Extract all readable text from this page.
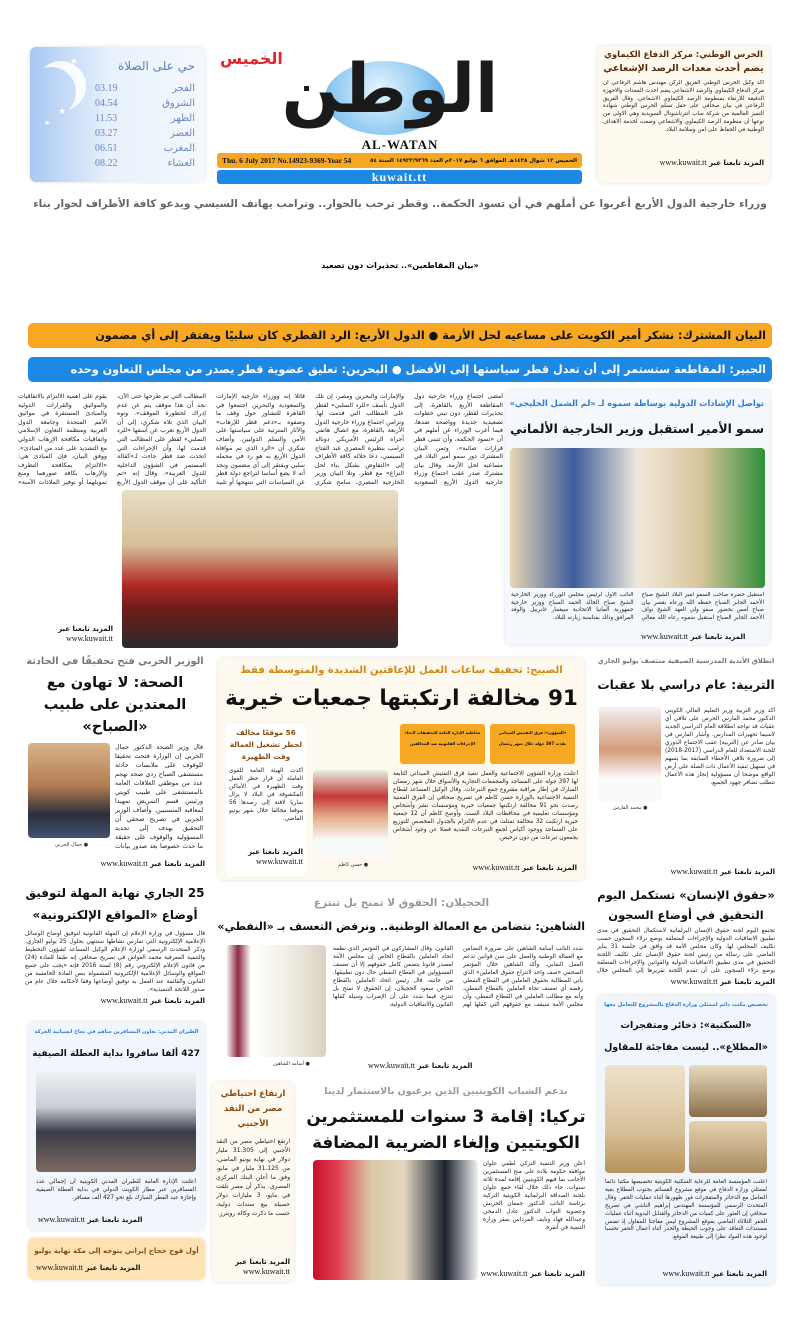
★
★
★
حي على الصلاة
03.19	الفجر
04.54	الشروق
11.53	الظهر
03.27	العصر
06.51	المغرب
08.22	العشاء
الوطن
الخميس
AL-WATAN
Thu. 6 July 2017 No.14923-9369-Year 54	الخميس ١٢ شوال ١٤٣٨هـ الموافق ٦ يوليو ٢٠١٧م العدد ١٤٩٢٣/٩٣٦٩ السنة ٥٤
kuwait.tt
الحرس الوطني: مركز الدفاع الكيماوي
يضم أحدث معدات الرصد الإشعاعي
اكد وكيل الحرس الوطني الفريق الركن مهندس هاشم الرفاعي ان مركز الدفاع الكيماوي والرصد الاشعاعي يضم احدث المعدات والاجهزة الدقيقة للارتقاء بمنظومة الرصد الكيماوي الاشعاعي. وقال الفريق الرفاعي في بيان صحافي على حفل تسلم الحرس الوطني شهادة التميز العالمية من شركة ساب انترناشونال السويدية وهي الاولى من نوعها ان منظومة الرصد الكيماوي والاشعاعي وضعت لخدمة الاهداف الوطنية في الحفاظ على امن وسلامة البلاد.
المزيد تابعنا عبر www.kuwait.tt
وزراء خارجية الدول الأربع أعربوا عن أملهم في أن تسود الحكمة.. وقطر ترحب بالحوار.. وترامب يهاتف السيسي ويدعو كافة الأطراف لحوار بناء
«بيان المقاطعين».. تحذيرات دون تصعيد
البيان المشترك: نشكر أمير الكويت على مساعيه لحل الأزمة ● الدول الأربع: الرد القطري كان سلبيًا ويفتقر إلى أي مضمون
الجبير: المقاطعة ستستمر إلى أن تعدل قطر سياستها إلى الأفضل ● البحرين: تعليق عضوية قطر يصدر من مجلس التعاون وحده
أمضى اجتماع وزراء خارجية دول المقاطعة الأربع بالقاهرة، إلى تحذيرات لقطر، دون تبني خطوات تصعيدية جديدة وواضحة ضدها، فيما أعرب الوزراء عن أملهم في أن «تسود الحكمة، وأن تتبنى قطر قرارات صائبة»، وثمن البيان المشترك دور سمو أمير البلاد في مساعيه لحل الأزمة. وقال بيان مشترك صدر عقب اجتماع وزراء خارجية الدول الأربع السعودية والإمارات والبحرين ومصر، إن تلك الدول تأسف «للرد السلبي» لقطر على المطالب التي قدمت لها. وتزامن اجتماع وزراء خارجية الدول الأربعة بالقاهرة، مع اتصال هاتفي أجراه الرئيس الأمريكي دونالد ترامب بنظيره المصري عبد الفتاح السيسي، دعا خلاله كافة الأطراف إلى «التفاوض بشكل بناء لحل النزاع» مع قطر. وتلا البيان وزير الخارجية المصري، سامح شكري قائلا إنه ووزراء خارجية الإمارات والسعودية والبحرين اجتمعوا في القاهرة للتشاور حول وقف ما وصفوه بـ«دعم قطر للإرهاب» والآثار المترتبة على سياستها على الأمن والسلم الدوليين. وأضاف شكري أن «الرد الذي تم موافاة الدول الأربع به هو رد في مجمله سلبي ويفتقر إلى أي مضمون ونجد أنه لا يضع أساسا لتراجع دولة قطر عن السياسات التي تنتهجها أو تلبية المطالب التي تم طرحها حتى الآن، نجد أن هذا موقف ينم عن عدم إدراك لخطورة الموقف». ونوه البيان الذي تلاه شكري، إلى أن الدول الأربع تعرب عن أسفها «للرد السلبي» لقطر على المطالب التي قدمت لها، وأن الإجراءات التي اتخذت ضد قطر جاءت لـ«كفالة المستمر في الشؤون الداخلية للدول العربية». وقال إنه «تم التأكيد على أن موقف الدول الأربع يقوم على أهمية الالتزام بالاتفاقيات والمواثيق والقرارات الدولية والمبادئ المستقرة في مواثيق الأمم المتحدة وجامعة الدول العربية ومنظمة التعاون الإسلامي واتفاقيات مكافحة الإرهاب الدولي مع التشديد على عدد من المبادئ». ووفق البيان، فإن المبادئ هي: «الالتزام بمكافحة التطرف والإرهاب بكافة صورهما ومنع تمويلهما أو توفير الملاذات الآمنة»
المزيد تابعنا عبر
www.kuwait.tt
تواصل الإشادات الدولية بوساطة سموه لـ «لم الشمل الخليجي»
سمو الأمير استقبل وزير الخارجية الألماني
استقبل حضرة صاحب السمو أمير البلاد الشيخ صباح الأحمد الجابر الصباح حفظه الله ورعاه بقصر بيان صباح أمس بحضور سمو ولي العهد الشيخ نواف الأحمد الجابر الصباح استقبل سموه رعاه الله معالي النائب الأول لرئيس مجلس الوزراء ووزير الخارجية الشيخ صباح الخالد الحمد الصباح ووزير خارجية جمهورية ألمانيا الاتحادية سيغمار غابرييل والوفد المرافق وذلك بمناسبة زيارته للبلاد.
المزيد تابعنا عبر www.kuwait.tt
الوزير الحربي فتح تحقيقًا في الحادثة
الصحة: لا تهاون مع المعتدين على طبيب «الصباح»
● جمال الحربي
قال وزير الصحة الدكتور جمال الحربي إن الوزارة فتحت تحقيقا للوقوف على ملابسات حادثة مستشفى الصباح ردى صحة تهجم عدد من موظفي العلاقات العامة بالمستشفى على طبيب كويتي ورئيس قسم التمريض تمهيدا لمعاقبة المتسببين. وأضاف الوزير الحربي في تصريح صحفي أن التحقيق يهدف إلى تحديد المسؤولية والوقوف على حقيقة ما حدث خصوصا بعد صدور بيانات
المزيد تابعنا عبر www.kuwait.tt
الصبيح: تخفيف ساعات العمل للإعاقتين الشديدة والمتوسطة فقط
91 مخالفة ارتكبتها جمعيات خيرية
«الشؤون»: فرق التفتيش الميداني نفذت 397 جولة خلال شهر رمضان
مخاطبة الإدارة العامة للتحقيقات لاتخاذ الإجراءات القانونية ضد المخالفين
56 موقعًا مخالف لحظر تشغيل العمالة وقت الظهيرة
أكدت الهيئة العامة للقوى العاملة أن قرار حظر العمل وقت الظهيرة في الأماكن المكشوفة في البلاد لا يزال ساريا لافتة إلى رصدها 56 موقعا مخالفا خلال شهر يونيو الماضي.
المزيد تابعنا عبر
www.kuwait.tt	● حسن كاظم
أعلنت وزارة الشؤون الاجتماعية والعمل تنفيذ فرق التفتيش الميداني التابعة لها 397 جولة على المساجد والمجمعات التجارية والأسواق خلال شهر رمضان المبارك في إطار مراقبة مشروع جمع التبرعات. وقال الوكيل المساعد لقطاع التنمية الاجتماعية بالوزارة حسن كاظم في تصريح صحافي إن الفرق المعنية رصدت نحو 91 مخالفة ارتكبتها جمعيات خيرية ومؤسسات نشر وأشخاص ومؤسسات تعليمية في محافظات البلاد الست. وأوضح كاظم أن 12 جمعية خيرية ارتكبت 32 مخالفة تمثلت في عدم الالتزام بالجدول المخصص للتوزيع على المساجد ووجود أكياس لجمع التبرعات النقدية فضلا عن وجود أشخاص يجمعون تبرعات من دون ترخيص.
المزيد تابعنا عبر www.kuwait.tt
انطلاق الأندية المدرسية الصيفية منتصف يوليو الجاري
التربية: عام دراسي بلا عقبات
● محمد الفارس
أكد وزير التربية وزير التعليم العالي الكويتي الدكتور محمد الفارس الحرص على تلافي أي عقبات قد تواجه انطلاقة العام الدراسي الجديد لاسيما تجهيزات المدارس. وأشار الفارس في بيان صادر عن (التربية) عقب الاجتماع الدوري للجنة الاستعداد للعام الدراسي (2017-2018) إلى ضرورة تلافي الأخطاء السابقة بما يسهم في تسهيل تنفيذ الأعمال ذات الصلة على أرض الواقع موضحا أن مسؤولية إنجاز هذه الأعمال تتطلب تضافر جهود الجميع.
المزيد تابعنا عبر www.kuwait.tt
25 الجاري نهاية المهلة لتوفيق أوضاع «المواقع الإلكترونية»
قال مسؤول في وزارة الإعلام إن المهلة القانونية لتوفيق أوضاع الوسائل الإعلامية الإلكترونية التي تمارس نشاطها ستنتهي بحلول 25 يوليو الجاري. وذكر المتحدث الرسمي لوزارة الإعلام الوكيل المساعد لشؤون التخطيط والتنمية المعرفية محمد العواش في تصريح صحافي إنه طبقا للمادة (24) من قانون الإعلام الإلكتروني رقم (8) لسنة 2016 فإنه «يجب على جميع المواقع والوسائل الإعلامية الإلكترونية المشمولة بنص المادة الخامسة من القانون والقائمة عند العمل به توفيق أوضاعها وفقا لأحكامه خلال عام من صدور اللائحة التنفيذية».
المزيد تابعنا عبر www.kuwait.tt
الحجيلان: الحقوق لا تمنح بل تنتزع
الشاهين: نتضامن مع العمالة الوطنية.. ونرفض التعسف بـ «النفطي»
● أسامة الشاهين
شدد النائب أسامة الشاهين على ضرورة التضامن مع العمالة الوطنية والعمل على سن قوانين تدعم العمل النقابي. وأكد الشاهين خلال المؤتمر الصحفي «صف واحد لانتزاع حقوق العاملين» الذي يأتي للمطالبة بحقوق العاملين في القطاع النفطي رفضه أي تعسف تجاه العاملين بالقطاع النفطي، وأنه مع مطالب العاملين في القطاع النفطي، وأن مجلس الأمة سيقف مع حقوقهم التي كفلها لهم القانون. وقال المشاركون في المؤتمر الذي نظمه اتحاد العاملين بالقطاع الخاص إن مجلس الأمة لعصدر قانونا يتضمن كامل حقوقهم إلا أن تعسف المسؤولين في القطاع النفطي حال دون تطبيقها. من جانبه، قال رئيس اتحاد العاملين بالقطاع الخاص سعود الحجيلان، إن الحقوق لا تمنح بل تنتزع، فيما شدد على أن الإضراب وسيلة كفلها القانون والاتفاقيات الدولية.
المزيد تابعنا عبر www.kuwait.tt
«حقوق الإنسان» تستكمل اليوم التحقيق في أوضاع السجون
تجتمع اليوم لجنة حقوق الإنسان البرلمانية لاستكمال التحقيق في مدى تطبيق الاتفاقيات الدولية والإجراءات المتعلقة بوضع نزلاء السجون حسب تكليف المجلس لها. وكان مجلس الأمة قد وافق في جلسة 31 يناير الماضي على رسالة من رئيس لجنة حقوق الإنسان على تكليف اللجنة التحقيق في مدى تطبيق الاتفاقيات الدولية والقوانين والإجراءات المتعلقة بوضع نزلاء السجون على أن تقدم اللجنة تقريرها إلى المجلس خلال
المزيد تابعنا عبر www.kuwait.tt
الطيران المدني: تعاون المسافرين ساهم في نجاح انسيابية الحركة
427 ألفا سافروا بداية العطلة الصيفية
أعلنت الإدارة العامة للطيران المدني الكويتية أن إجمالي عدد المسافرين عبر مطار الكويت الدولي في بداية العطلة الصيفية وإجازة عيد الفطر المبارك بلغ نحو 427 ألف مسافر.
المزيد تابعنا عبر www.kuwait.tt
أول فوج حجاج إيراني يتوجه إلى مكة نهاية يوليو
المزيد تابعنا عبر www.kuwait.tt
ارتفاع احتياطي مصر من النقد الأجنبي
ارتفع احتياطي مصر من النقد الأجنبي إلى 31.305 مليار دولار في نهاية يونيو الماضي، من 31.125 مليار في مايو، وفق ما أعلن البنك المركزي المصري. يذكر أن مصر تلقت في مايو، 3 مليارات دولار حصيلة بيع سندات دولية، حسب ما ذكرت وكالة رويترز.
المزيد تابعنا عبر
www.kuwait.tt
ندعم الشباب الكويتيين الذين يرغبون بالاستثمار لدينا
تركيا: إقامة 3 سنوات للمستثمرين الكويتيين وإلغاء الضريبة المضافة
أعلن وزير التنمية التركي لطفي علوان موافقة حكومة بلاده على منح المستثمرين الأجانب بما فيهم الكويتيين إقامة لمدة ثلاثة سنوات. جاء ذلك خلال لقاء جمع علوان بلجنة الصداقة البرلمانية الكويتية التركية برئاسة النائب الدكتور جمعان الحربش وعضوية النواب الدكتور عادل الدمخي وعبدالله فهاد ونايف المرداس بمقر وزارة التنمية في أنقرة.
المزيد تابعنا عبر www.kuwait.tt
تخصيص مكتب دائم لممثلي وزارة الدفاع بالمشروع للتعامل معها
«السكنية»: ذخائر ومتفجرات «المطلاع».. ليست مفاجئة للمقاول
أعلنت المؤسسة العامة للرعاية السكنية الكويتية تخصيصها مكتبا دائما لممثلي وزارة الدفاع في موقع مشروع القسائم بجنوب المطلاع بغية التعامل مع الذخائر والمتفجرات فور ظهورها أثناء عمليات الحفر. وقال المتحدث الرسمي للمؤسسة المهندس إبراهيم الناشي في تصريح صحافي إن العثور على كميات من الذخائر والقنابل اليدوية أثناء عمليات الحفر الثلاثاء الماضي بموقع المشروع ليس مفاجئا للمقاول إذ تضمن مستندات التعاقد على وجوب الحيطة والحذر أثناء أعمال الحفر تحسبا لوجود هذه المواد نظرا إلى طبيعة الموقع.
المزيد تابعنا عبر www.kuwait.tt
